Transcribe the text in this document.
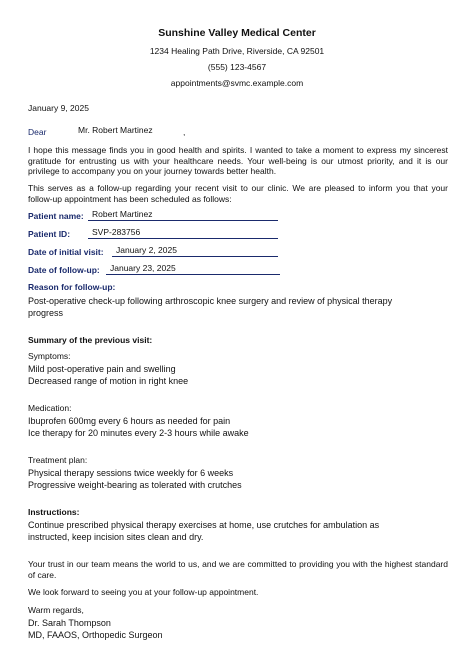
Sunshine Valley Medical Center
1234 Healing Path Drive, Riverside, CA 92501
(555) 123-4567
appointments@svmc.example.com
January 9, 2025
Dear	Mr. Robert Martinez	,
I hope this message finds you in good health and spirits. I wanted to take a moment to express my sincerest gratitude for entrusting us with your healthcare needs. Your well-being is our utmost priority, and it is our privilege to accompany you on your journey towards better health.
This serves as a follow-up regarding your recent visit to our clinic. We are pleased to inform you that your follow-up appointment has been scheduled as follows:
Patient name: Robert Martinez
Patient ID:	SVP-283756
Date of initial visit: January 2, 2025
Date of follow-up: January 23, 2025
Reason for follow-up:
Post-operative check-up following arthroscopic knee surgery and review of physical therapy
progress
Summary of the previous visit:
Symptoms:
Mild post-operative pain and swelling
Decreased range of motion in right knee
Medication:
Ibuprofen 600mg every 6 hours as needed for pain
Ice therapy for 20 minutes every 2-3 hours while awake
Treatment plan:
Physical therapy sessions twice weekly for 6 weeks
Progressive weight-bearing as tolerated with crutches
Instructions:
Continue prescribed physical therapy exercises at home, use crutches for ambulation as
instructed, keep incision sites clean and dry.
Your trust in our team means the world to us, and we are committed to providing you with the highest standard of care.
We look forward to seeing you at your follow-up appointment.
Warm regards,
Dr. Sarah Thompson
MD, FAAOS, Orthopedic Surgeon
